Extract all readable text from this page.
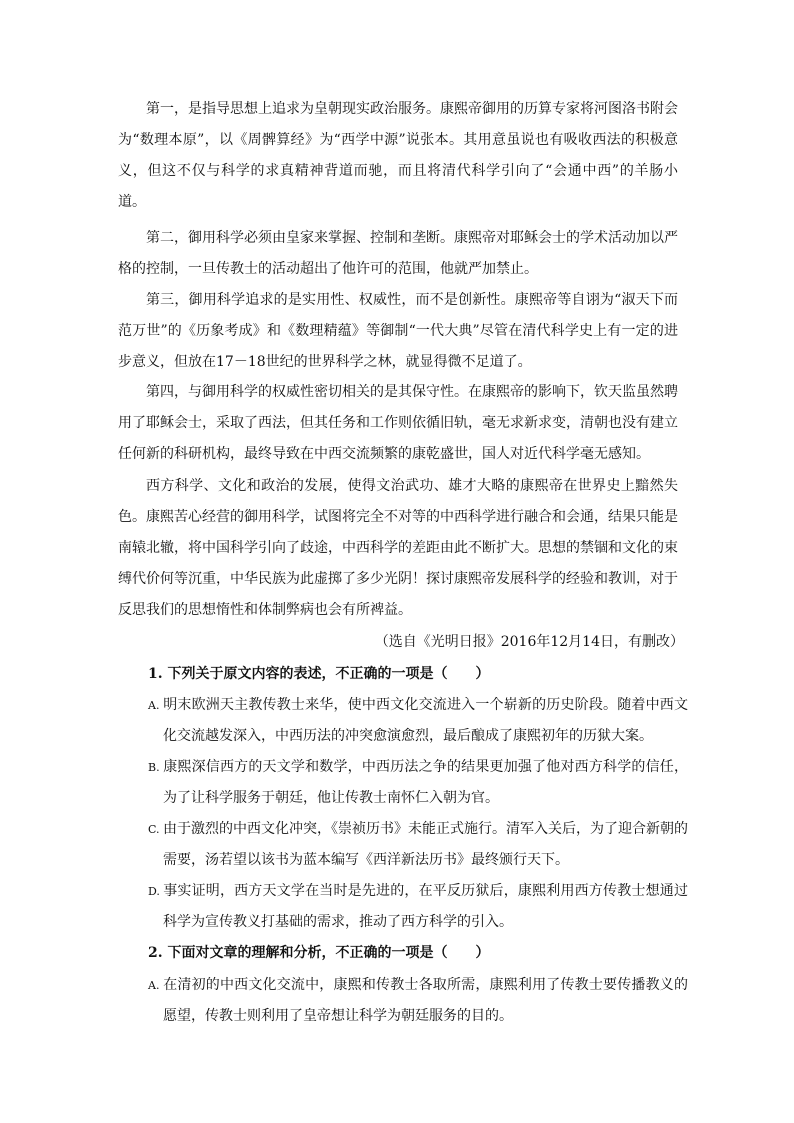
第一，是指导思想上追求为皇朝现实政治服务。康熙帝御用的历算专家将河图洛书附会为“数理本原”，以《周髀算经》为“西学中源”说张本。其用意虽说也有吸收西法的积极意义，但这不仅与科学的求真精神背道而驰，而且将清代科学引向了“会通中西”的羊肠小道。

第二，御用科学必须由皇家来掌握、控制和垄断。康熙帝对耶稣会士的学术活动加以严格的控制，一旦传教士的活动超出了他许可的范围，他就严加禁止。

第三，御用科学追求的是实用性、权威性，而不是创新性。康熙帝等自诩为“淑天下而范万世”的《历象考成》和《数理精蕴》等御制“一代大典”尽管在清代科学史上有一定的进步意义，但放在17－18世纪的世界科学之林，就显得微不足道了。

第四，与御用科学的权威性密切相关的是其保守性。在康熙帝的影响下，钦天监虽然聘用了耶稣会士，采取了西法，但其任务和工作则依循旧轨，毫无求新求变，清朝也没有建立任何新的科研机构，最终导致在中西交流频繁的康乾盛世，国人对近代科学毫无感知。

西方科学、文化和政治的发展，使得文治武功、雄才大略的康熙帝在世界史上黯然失色。康熙苦心经营的御用科学，试图将完全不对等的中西科学进行融合和会通，结果只能是南辕北辙，将中国科学引向了歧途，中西科学的差距由此不断扩大。思想的禁锢和文化的束缚代价何等沉重，中华民族为此虚掷了多少光阴！探讨康熙帝发展科学的经验和教训，对于反思我们的思想惰性和体制弊病也会有所裨益。

（选自《光明日报》2016年12月14日，有删改）

1. 下列关于原文内容的表述，不正确的一项是（　　）

A. 明末欧洲天主教传教士来华，使中西文化交流进入一个崭新的历史阶段。随着中西文化交流越发深入，中西历法的冲突愈演愈烈，最后酿成了康熙初年的历狱大案。
B. 康熙深信西方的天文学和数学，中西历法之争的结果更加强了他对西方科学的信任，为了让科学服务于朝廷，他让传教士南怀仁入朝为官。
C. 由于激烈的中西文化冲突，《崇祯历书》未能正式施行。清军入关后，为了迎合新朝的需要，汤若望以该书为蓝本编写《西洋新法历书》最终颁行天下。
D. 事实证明，西方天文学在当时是先进的，在平反历狱后，康熙利用西方传教士想通过科学为宣传教义打基础的需求，推动了西方科学的引入。

2. 下面对文章的理解和分析，不正确的一项是（　　）

A. 在清初的中西文化交流中，康熙和传教士各取所需，康熙利用了传教士要传播教义的愿望，传教士则利用了皇帝想让科学为朝廷服务的目的。
